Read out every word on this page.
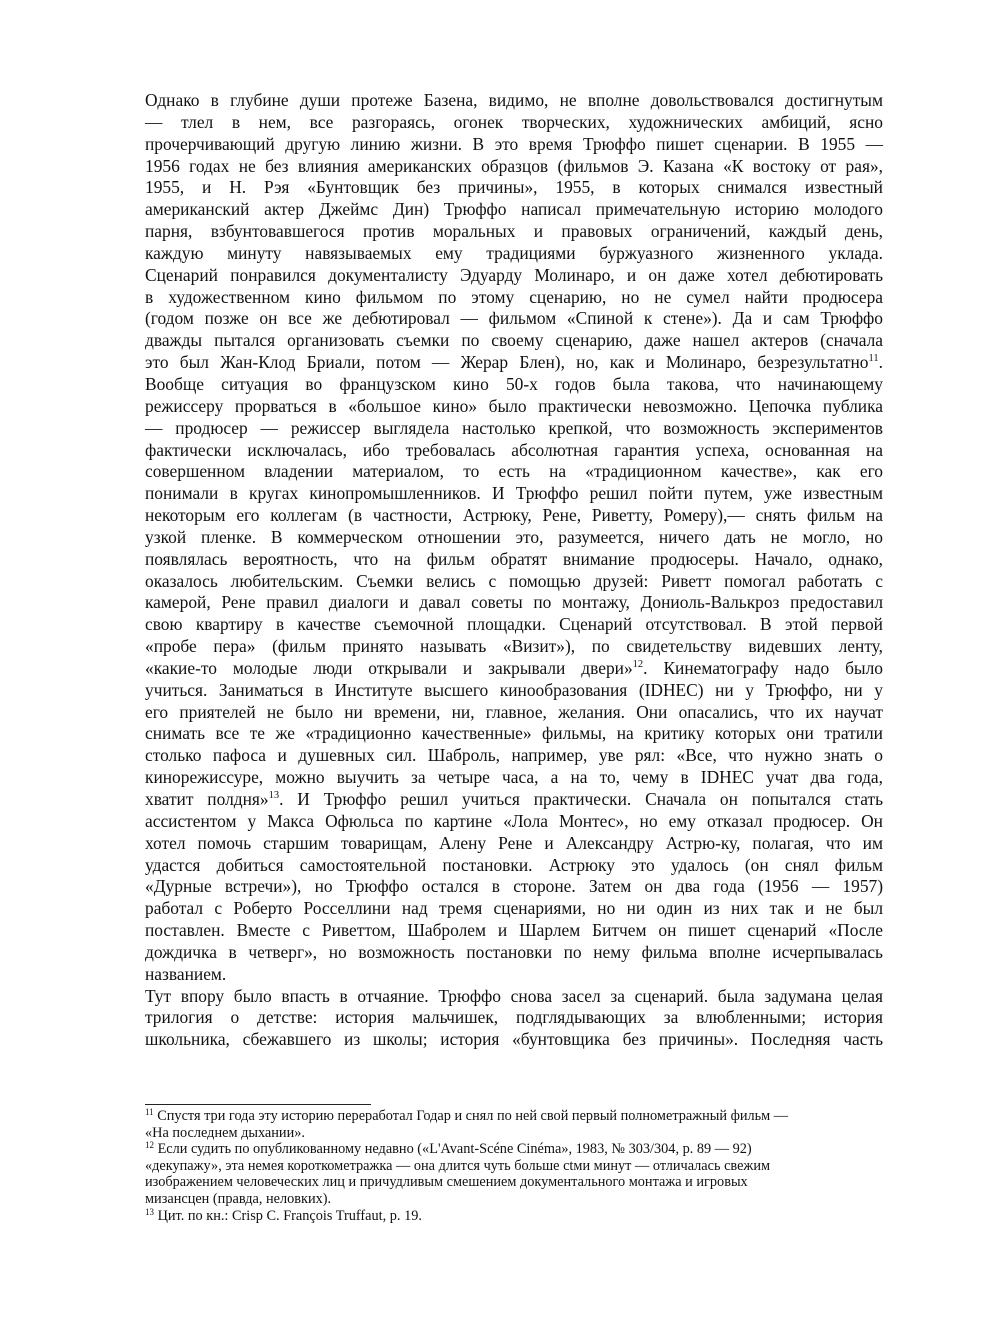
Однако в глубине души протеже Базена, видимо, не вполне довольствовался достигнутым
— тлел в нем, все разгораясь, огонек творческих, художнических амбиций, ясно
прочерчивающий другую линию жизни. В это время Трюффо пишет сценарии. В 1955 —
1956 годах не без влияния американских образцов (фильмов Э. Казана «К востоку от рая»,
1955, и Н. Рэя «Бунтовщик без причины», 1955, в которых снимался известный
американский актер Джеймс Дин) Трюффо написал примечательную историю молодого
парня, взбунтовавшегося против моральных и правовых ограничений, каждый день,
каждую минуту навязываемых ему традициями буржуазного жизненного уклада.
Сценарий понравился документалисту Эдуарду Молинаро, и он даже хотел дебютировать
в художественном кино фильмом по этому сценарию, но не сумел найти продюсера
(годом позже он все же дебютировал — фильмом «Спиной к стене»). Да и сам Трюффо
дважды пытался организовать съемки по своему сценарию, даже нашел актеров (сначала
это был Жан-Клод Бриали, потом — Жерар Блен), но, как и Молинаро, безрезультатно$^{11}$.
Вообще ситуация во французском кино 50-х годов была такова, что начинающему
режиссеру прорваться в «большое кино» было практически невозможно. Цепочка публика
— продюсер — режиссер выглядела настолько крепкой, что возможность экспериментов
фактически исключалась, ибо требовалась абсолютная гарантия успеха, основанная на
совершенном владении материалом, то есть на «традиционном качестве», как его
понимали в кругах кинопромышленников. И Трюффо решил пойти путем, уже известным
некоторым его коллегам (в частности, Астрюку, Рене, Риветту, Ромеру),— снять фильм на
узкой пленке. В коммерческом отношении это, разумеется, ничего дать не могло, но
появлялась вероятность, что на фильм обратят внимание продюсеры. Начало, однако,
оказалось любительским. Съемки велись с помощью друзей: Риветт помогал работать с
камерой, Рене правил диалоги и давал советы по монтажу, Дониоль-Валькроз предоставил
свою квартиру в качестве съемочной площадки. Сценарий отсутствовал. В этой первой
«пробе пера» (фильм принято называть «Визит»), по свидетельству видевших ленту,
«какие-то молодые люди открывали и закрывали двери»$^{12}$. Кинематографу надо было
учиться. Заниматься в Институте высшего кинообразования (IDHEC) ни у Трюффо, ни у
его приятелей не было ни времени, ни, главное, желания. Они опасались, что их научат
снимать все те же «традиционно качественные» фильмы, на критику которых они тратили
столько пафоса и душевных сил. Шаброль, например, уве рял: «Все, что нужно знать о
кинорежиссуре, можно выучить за четыре часа, а на то, чему в IDHEC учат два года,
хватит полдня»$^{13}$. И Трюффо решил учиться практически. Сначала он попытался стать
ассистентом у Макса Офюльса по картине «Лола Монтес», но ему отказал продюсер. Он
хотел помочь старшим товарищам, Алену Рене и Александру Астрю-ку, полагая, что им
удастся добиться самостоятельной постановки. Астрюку это удалось (он снял фильм
«Дурные встречи»), но Трюффо остался в стороне. Затем он два года (1956 — 1957)
работал с Роберто Росселлини над тремя сценариями, но ни один из них так и не был
поставлен. Вместе с Риветтом, Шабролем и Шарлем Битчем он пишет сценарий «После
дождичка в четверг», но возможность постановки по нему фильма вполне исчерпывалась
названием.
Тут впору было впасть в отчаяние. Трюффо снова засел за сценарий. была задумана целая
трилогия о детстве: история мальчишек, подглядывающих за влюбленными; история
школьника, сбежавшего из школы; история «бунтовщика без причины». Последняя часть
$^{11}$ Спустя три года эту историю переработал Годар и снял по ней свой первый полнометражный фильм —
«На последнем дыхании».
$^{12}$ Если судить по опубликованному недавно («L'Avant-Scéne Cinéma», 1983, № 303/304, p. 89 — 92)
«декупажу», эта немея короткометражка — она длится чуть больше ctми минут — отличалась свежим
изображением человеческих лиц и причудливым смешением документального монтажа и игровых
мизансцен (правда, неловких).
$^{13}$ Цит. по кн.: Crisp C. François Truffaut, p. 19.
